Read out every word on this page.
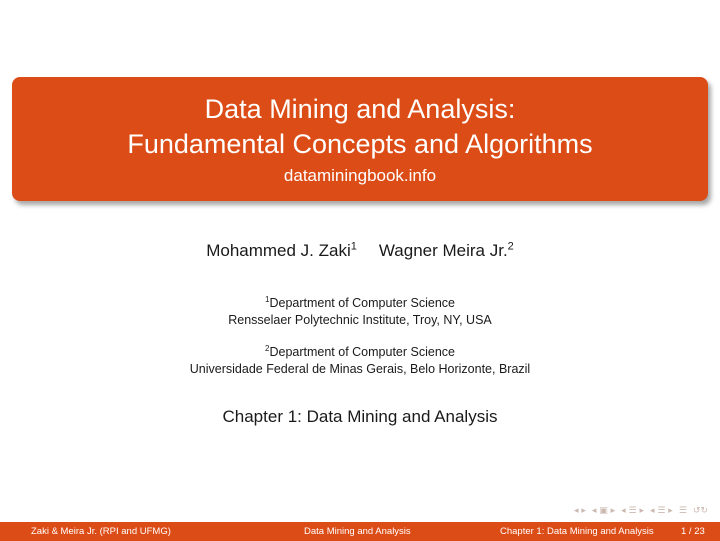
Data Mining and Analysis:
Fundamental Concepts and Algorithms
dataminingbook.info
Mohammed J. Zaki$^1$ Wagner Meira Jr.$^2$
$^1$Department of Computer Science
Rensselaer Polytechnic Institute, Troy, NY, USA
$^2$Department of Computer Science
Universidade Federal de Minas Gerais, Belo Horizonte, Brazil
Chapter 1: Data Mining and Analysis
◂ ▸ ◂ ▣ ▸ ◂ ☰ ▸ ◂ ☰ ▸ ☰ ↺↻
Zaki & Meira Jr. (RPI and UFMG)	Data Mining and Analysis	Chapter 1: Data Mining and Analysis	1 / 23
